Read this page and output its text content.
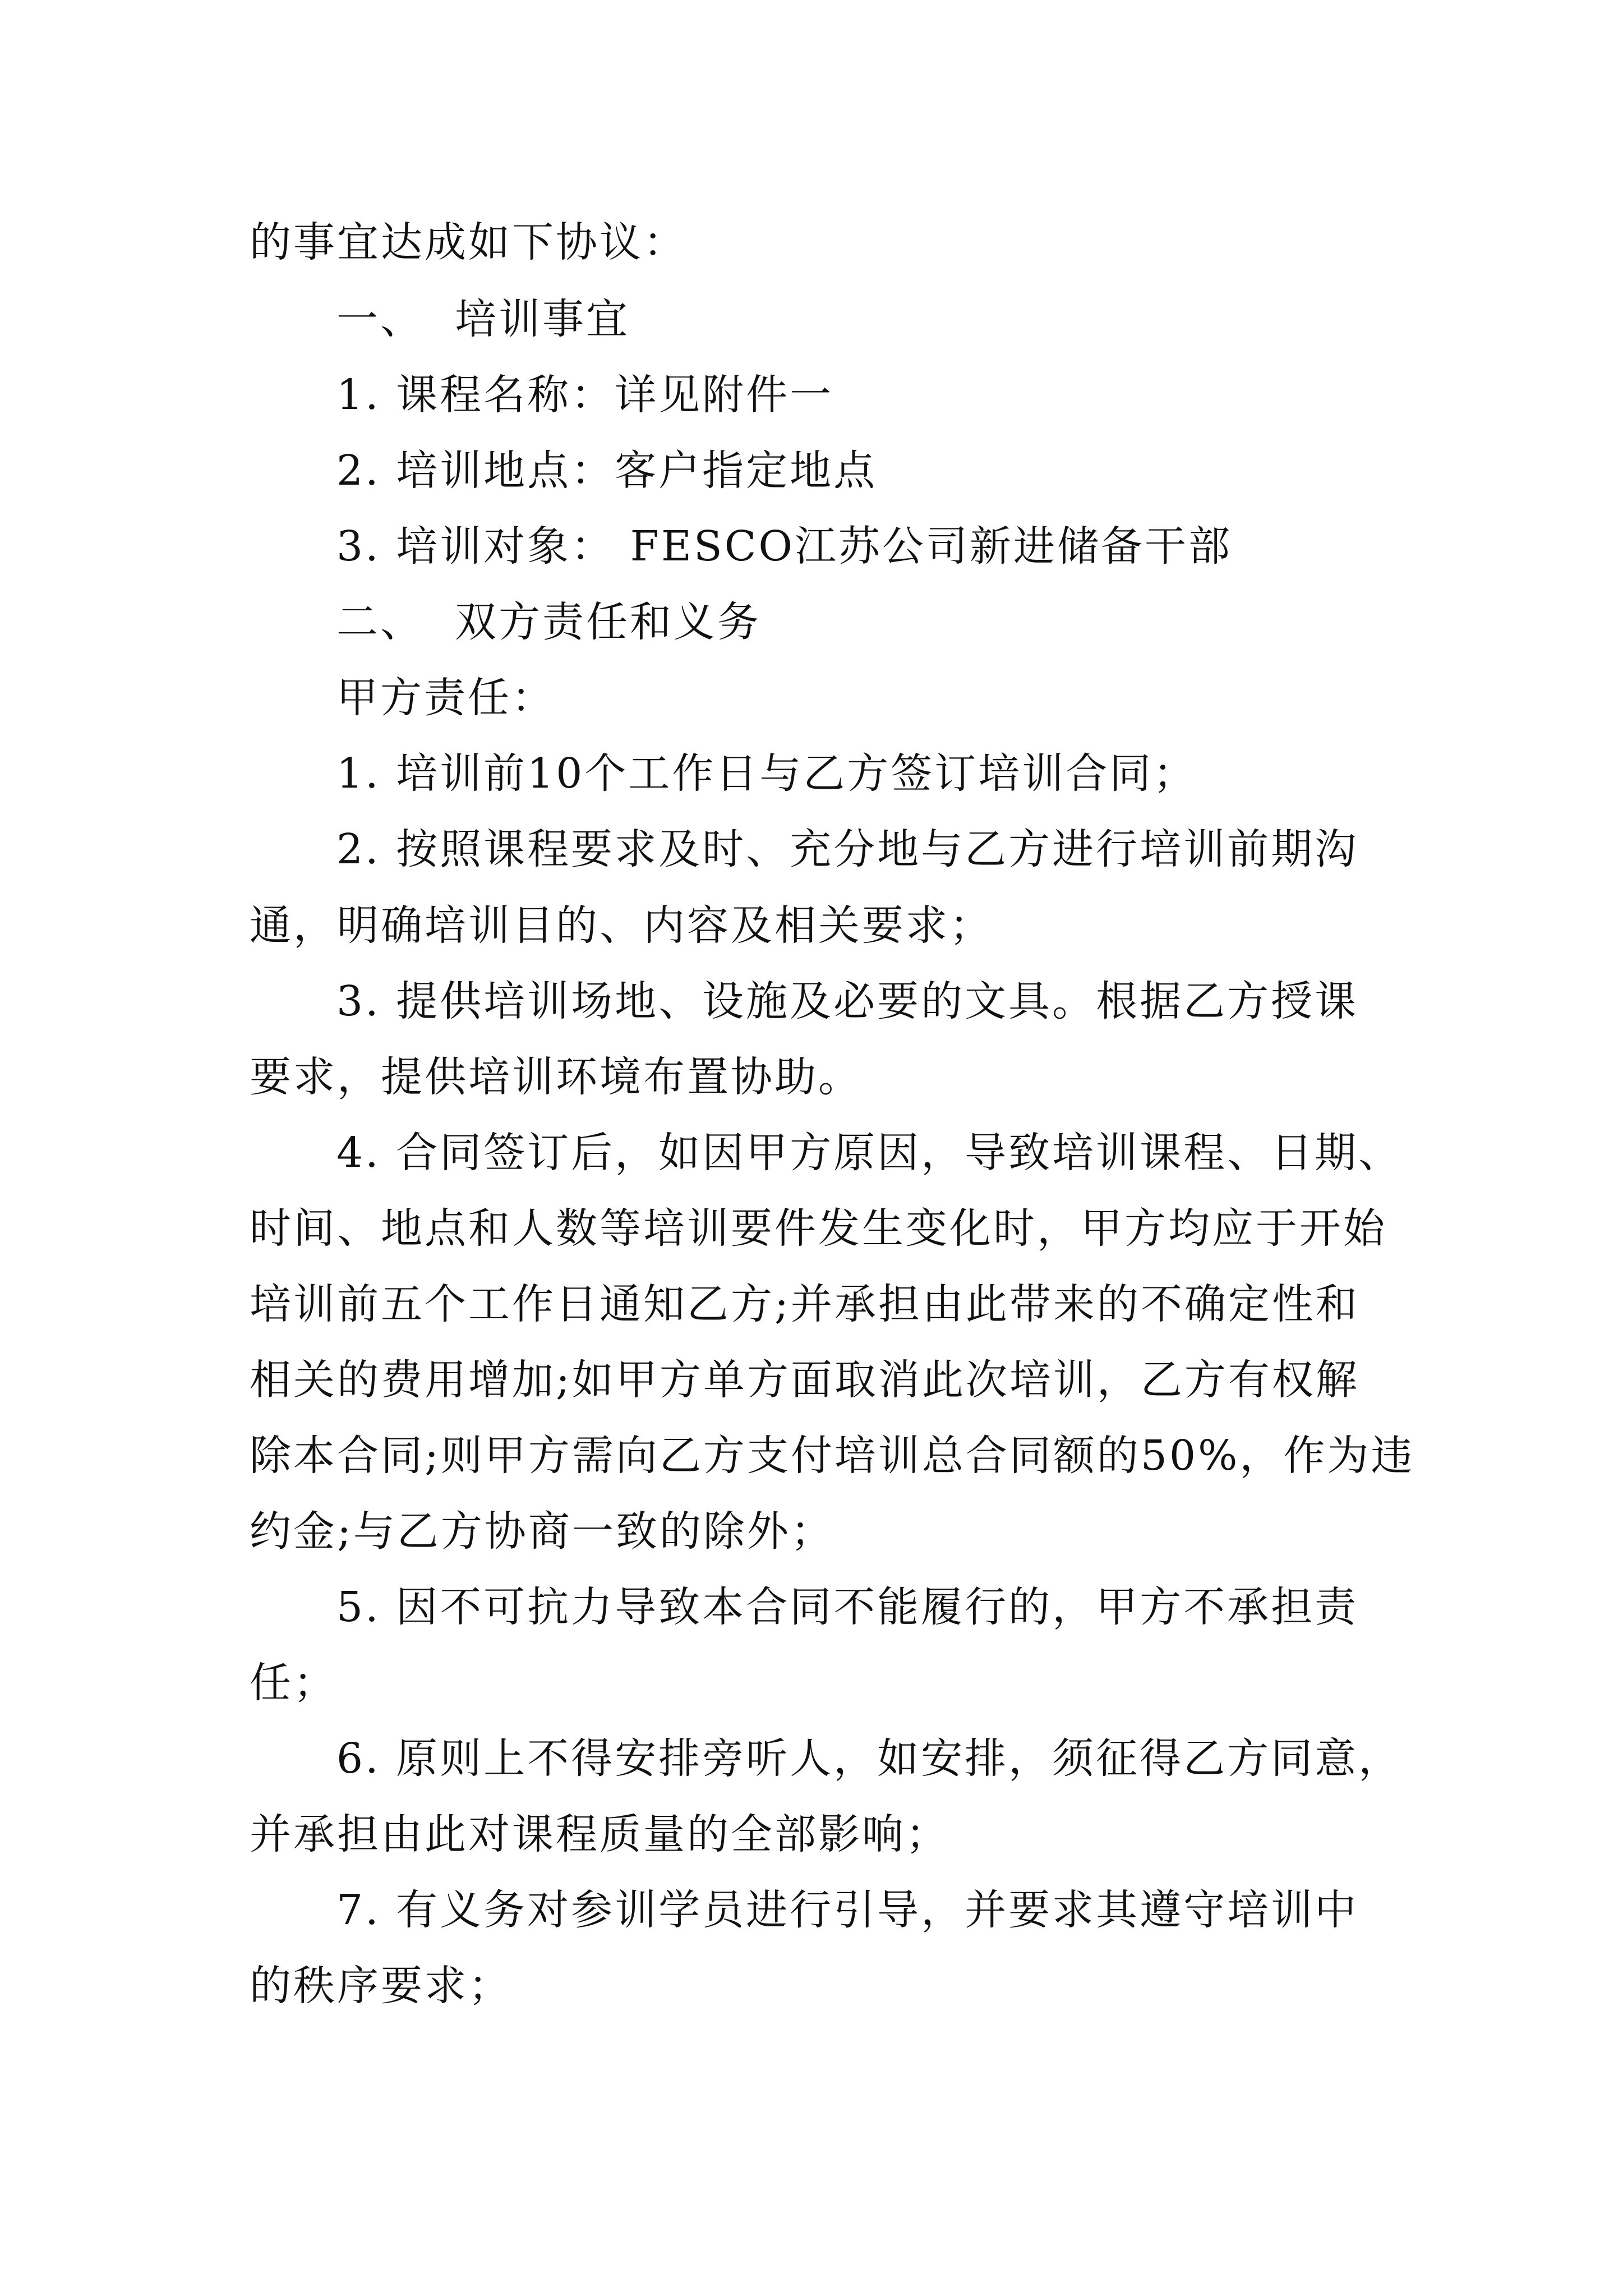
的事宜达成如下协议：

一、  培训事宜

1. 课程名称：详见附件一

2. 培训地点：客户指定地点

3. 培训对象： FESCO江苏公司新进储备干部

二、  双方责任和义务

甲方责任：

1. 培训前10个工作日与乙方签订培训合同；

2. 按照课程要求及时、充分地与乙方进行培训前期沟

通，明确培训目的、内容及相关要求；

3. 提供培训场地、设施及必要的文具。根据乙方授课

要求，提供培训环境布置协助。

4. 合同签订后，如因甲方原因，导致培训课程、日期、

时间、地点和人数等培训要件发生变化时，甲方均应于开始

培训前五个工作日通知乙方;并承担由此带来的不确定性和

相关的费用增加;如甲方单方面取消此次培训，乙方有权解

除本合同;则甲方需向乙方支付培训总合同额的50%，作为违

约金;与乙方协商一致的除外；

5. 因不可抗力导致本合同不能履行的，甲方不承担责

任；

6. 原则上不得安排旁听人，如安排，须征得乙方同意，

并承担由此对课程质量的全部影响；

7. 有义务对参训学员进行引导，并要求其遵守培训中

的秩序要求；
